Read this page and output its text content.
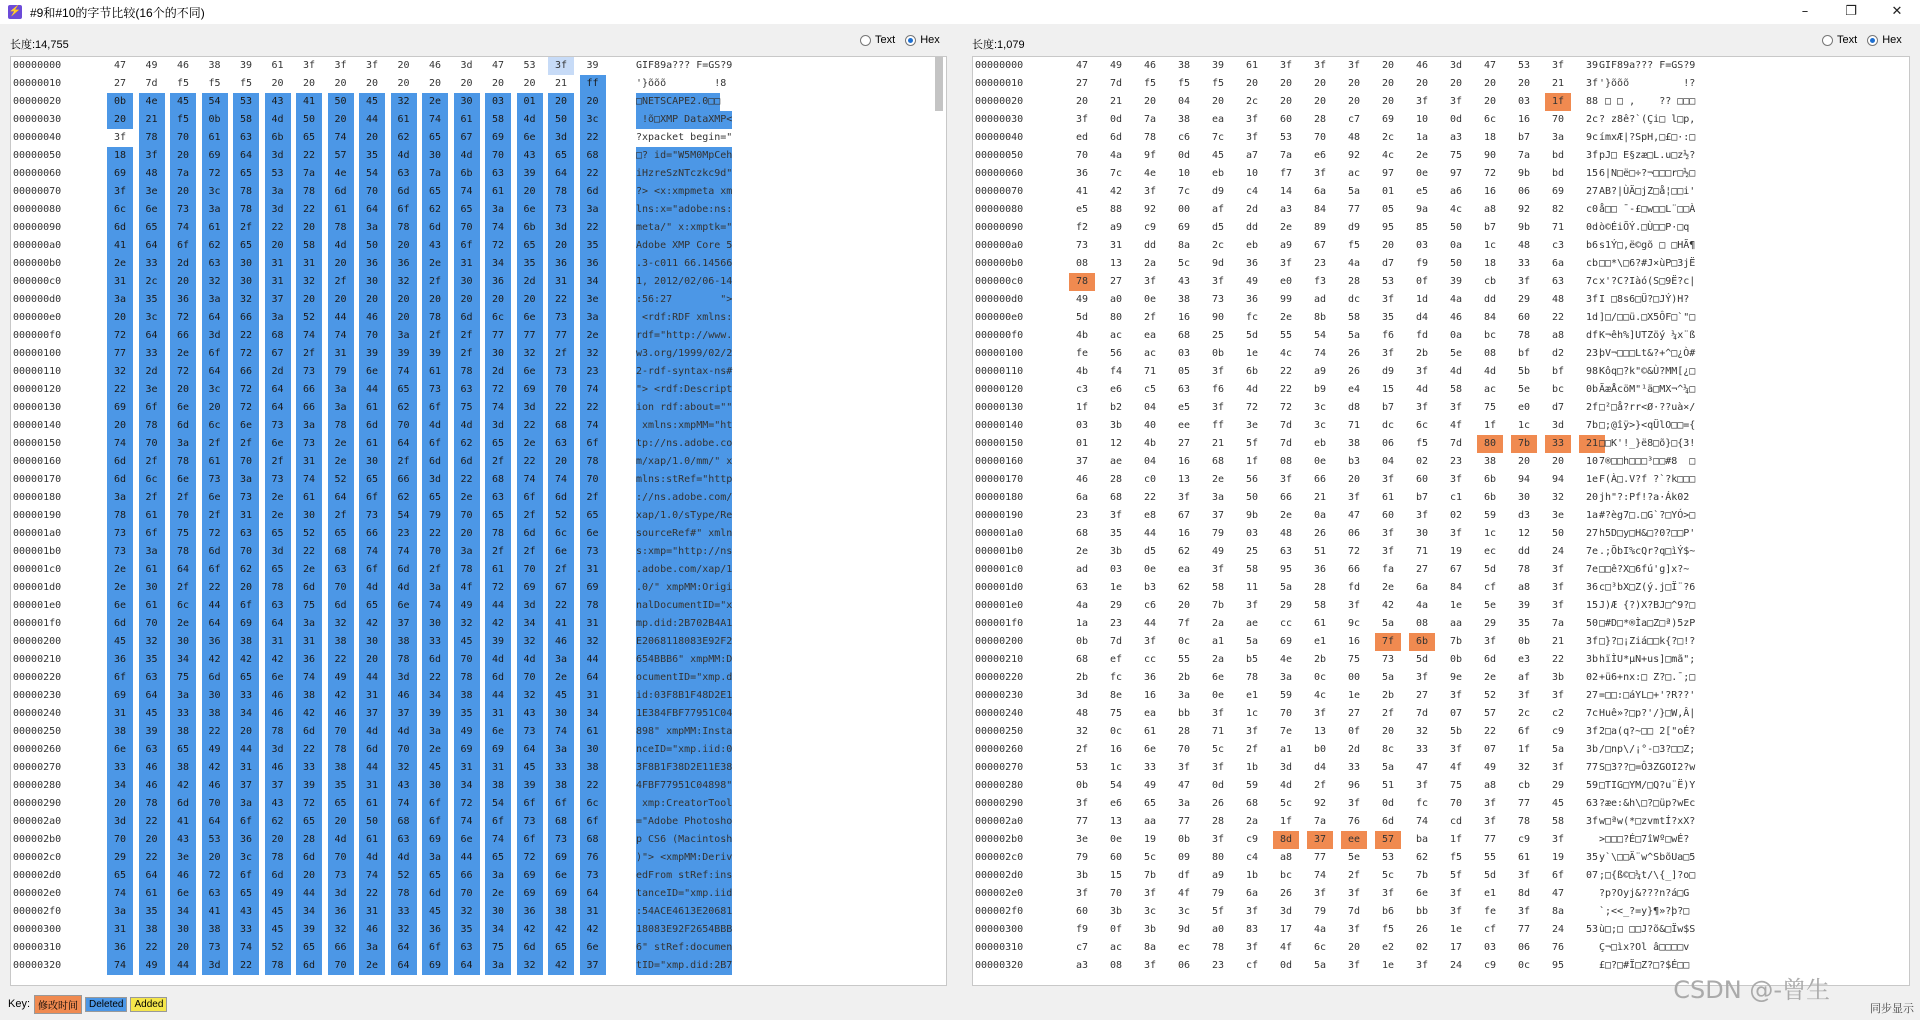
⚡ #9和#10的字节比较(16个的不同)	–	❐	✕
长度:14,755	Text Hex	长度:1,079	Text Hex
00000000	47	49	46	38	39	61	3f	3f	3f	20	46	3d	47	53	3f	39	GIF89a??? F=GS?9
00000010	27	7d	f5	f5	f5	20	20	20	20	20	20	20	20	20	21	ff	'}õõõ        !8
00000020	0b	4e	45	54	53	43	41	50	45	32	2e	30	03	01	20	20	□NETSCAPE2.0□□
00000030	20	21	f5	0b	58	4d	50	20	44	61	74	61	58	4d	50	3c	!õ□XMP DataXMP<
00000040	3f	78	70	61	63	6b	65	74	20	62	65	67	69	6e	3d	22	?xpacket begin="
00000050	18	3f	20	69	64	3d	22	57	35	4d	30	4d	70	43	65	68	□? id="W5M0MpCeh
00000060	69	48	7a	72	65	53	7a	4e	54	63	7a	6b	63	39	64	22	iHzreSzNTczkc9d"
00000070	3f	3e	20	3c	78	3a	78	6d	70	6d	65	74	61	20	78	6d	?> <x:xmpmeta xm
00000080	6c	6e	73	3a	78	3d	22	61	64	6f	62	65	3a	6e	73	3a	lns:x="adobe:ns:
00000090	6d	65	74	61	2f	22	20	78	3a	78	6d	70	74	6b	3d	22	meta/" x:xmptk="
000000a0	41	64	6f	62	65	20	58	4d	50	20	43	6f	72	65	20	35	Adobe XMP Core 5
000000b0	2e	33	2d	63	30	31	31	20	36	36	2e	31	34	35	36	36	.3-c011 66.14566
000000c0	31	2c	20	32	30	31	32	2f	30	32	2f	30	36	2d	31	34	1, 2012/02/06-14
000000d0	3a	35	36	3a	32	37	20	20	20	20	20	20	20	20	22	3e	:56:27        ">
000000e0	20	3c	72	64	66	3a	52	44	46	20	78	6d	6c	6e	73	3a	<rdf:RDF xmlns:
000000f0	72	64	66	3d	22	68	74	74	70	3a	2f	2f	77	77	77	2e	rdf="http://www.
00000100	77	33	2e	6f	72	67	2f	31	39	39	39	2f	30	32	2f	32	w3.org/1999/02/2
00000110	32	2d	72	64	66	2d	73	79	6e	74	61	78	2d	6e	73	23	2-rdf-syntax-ns#
00000120	22	3e	20	3c	72	64	66	3a	44	65	73	63	72	69	70	74	"> <rdf:Descript
00000130	69	6f	6e	20	72	64	66	3a	61	62	6f	75	74	3d	22	22	ion rdf:about=""
00000140	20	78	6d	6c	6e	73	3a	78	6d	70	4d	4d	3d	22	68	74	xmlns:xmpMM="ht
00000150	74	70	3a	2f	2f	6e	73	2e	61	64	6f	62	65	2e	63	6f	tp://ns.adobe.co
00000160	6d	2f	78	61	70	2f	31	2e	30	2f	6d	6d	2f	22	20	78	m/xap/1.0/mm/" x
00000170	6d	6c	6e	73	3a	73	74	52	65	66	3d	22	68	74	74	70	mlns:stRef="http
00000180	3a	2f	2f	6e	73	2e	61	64	6f	62	65	2e	63	6f	6d	2f	://ns.adobe.com/
00000190	78	61	70	2f	31	2e	30	2f	73	54	79	70	65	2f	52	65	xap/1.0/sType/Re
000001a0	73	6f	75	72	63	65	52	65	66	23	22	20	78	6d	6c	6e	sourceRef#" xmln
000001b0	73	3a	78	6d	70	3d	22	68	74	74	70	3a	2f	2f	6e	73	s:xmp="http://ns
000001c0	2e	61	64	6f	62	65	2e	63	6f	6d	2f	78	61	70	2f	31	.adobe.com/xap/1
000001d0	2e	30	2f	22	20	78	6d	70	4d	4d	3a	4f	72	69	67	69	.0/" xmpMM:Origi
000001e0	6e	61	6c	44	6f	63	75	6d	65	6e	74	49	44	3d	22	78	nalDocumentID="x
000001f0	6d	70	2e	64	69	64	3a	32	42	37	30	32	42	34	41	31	mp.did:2B702B4A1
00000200	45	32	30	36	38	31	31	38	30	38	33	45	39	32	46	32	E2068118083E92F2
00000210	36	35	34	42	42	42	36	22	20	78	6d	70	4d	4d	3a	44	654BBB6" xmpMM:D
00000220	6f	63	75	6d	65	6e	74	49	44	3d	22	78	6d	70	2e	64	ocumentID="xmp.d
00000230	69	64	3a	30	33	46	38	42	31	46	34	38	44	32	45	31	id:03F8B1F48D2E1
00000240	31	45	33	38	34	46	42	46	37	37	39	35	31	43	30	34	1E384FBF77951C04
00000250	38	39	38	22	20	78	6d	70	4d	4d	3a	49	6e	73	74	61	898" xmpMM:Insta
00000260	6e	63	65	49	44	3d	22	78	6d	70	2e	69	69	64	3a	30	nceID="xmp.iid:0
00000270	33	46	38	42	31	46	33	38	44	32	45	31	31	45	33	38	3F8B1F38D2E11E38
00000280	34	46	42	46	37	37	39	35	31	43	30	34	38	39	38	22	4FBF77951C04898"
00000290	20	78	6d	70	3a	43	72	65	61	74	6f	72	54	6f	6f	6c	xmp:CreatorTool
000002a0	3d	22	41	64	6f	62	65	20	50	68	6f	74	6f	73	68	6f	="Adobe Photosho
000002b0	70	20	43	53	36	20	28	4d	61	63	69	6e	74	6f	73	68	p CS6 (Macintosh
000002c0	29	22	3e	20	3c	78	6d	70	4d	4d	3a	44	65	72	69	76	)"> <xmpMM:Deriv
000002d0	65	64	46	72	6f	6d	20	73	74	52	65	66	3a	69	6e	73	edFrom stRef:ins
000002e0	74	61	6e	63	65	49	44	3d	22	78	6d	70	2e	69	69	64	tanceID="xmp.iid
000002f0	3a	35	34	41	43	45	34	36	31	33	45	32	30	36	38	31	:54ACE4613E20681
00000300	31	38	30	38	33	45	39	32	46	32	36	35	34	42	42	42	18083E92F2654BBB
00000310	36	22	20	73	74	52	65	66	3a	64	6f	63	75	6d	65	6e	6" stRef:documen
00000320	74	49	44	3d	22	78	6d	70	2e	64	69	64	3a	32	42	37	tID="xmp.did:2B7
00000000	47	49	46	38	39	61	3f	3f	3f	20	46	3d	47	53	3f	39 GIF89a??? F=GS?9
00000010	27	7d	f5	f5	f5	20	20	20	20	20	20	20	20	20	21	3f '}õõõ         !?
00000020	20	21	20	04	20	2c	20	20	20	20	3f	3f	20	03	1f	88 □ □ ,    ?? □□□
00000030	3f	0d	7a	38	ea	3f	60	28	c7	69	10	0d	6c	16	70	2c ? z8ê?`(Çi□ l□p,
00000040	ed	6d	78	c6	7c	3f	53	70	48	2c	1a	a3	18	b7	3a	9c ímxÆ|?SpH,□£□·:□
00000050	70	4a	9f	0d	45	a7	7a	e6	92	4c	2e	75	90	7a	bd	3f pJ□ E§zæ□L.u□z½?
00000060	36	7c	4e	10	eb	10	f7	3f	ac	97	0e	97	72	9b	bd	15 6|N□ë□÷?¬□□□r□½□
00000070	41	42	3f	7c	d9	c4	14	6a	5a	01	e5	a6	16	06	69	27 AB?|ÙÄ□jZ□å¦□□i'
00000080	e5	88	92	00	af	2d	a3	84	77	05	9a	4c	a8	92	82	c0 å□□ ¯-£□w□□L¨□□À
00000090	f2	a9	c9	69	d5	dd	2e	89	d9	95	85	50	b7	9b	71	0d ò©ÉiÕÝ.□Ù□□P·□q
000000a0	73	31	dd	8a	2c	eb	a9	67	f5	20	03	0a	1c	48	c3	b6 s1Ý□,ë©gõ □ □HÃ¶
000000b0	08	13	2a	5c	9d	36	3f	23	4a	d7	f9	50	18	33	6a	cb □□*\□6?#J×ùP□3jË
000000c0	78	27	3f	43	3f	49	e0	f3	28	53	0f	39	cb	3f	63	7c x'?C?Iàó(S□9Ë?c|
000000d0	49	a0	0e	38	73	36	99	ad	dc	3f	1d	4a	dd	29	48	3f I □8s6□Ü?□JÝ)H?
000000e0	5d	80	2f	16	90	fc	2e	8b	58	35	d4	46	84	60	22	1d ]□/□□ü.□X5ÔF□`"□
000000f0	4b	ac	ea	68	25	5d	55	54	5a	f6	fd	0a	bc	78	a8	df K¬êh%]UTZöý ¼x¨ß
00000100	fe	56	ac	03	0b	1e	4c	74	26	3f	2b	5e	08	bf	d2	23 þV¬□□□Lt&?+^□¿Ò#
00000110	4b	f4	71	05	3f	6b	22	a9	26	d9	3f	4d	4d	5b	bf	98 Kôq□?k"©&Ù?MM[¿□
00000120	c3	e6	c5	63	f6	4d	22	b9	e4	15	4d	58	ac	5e	bc	0b ÃæÅcöM"¹ä□MX¬^¼□
00000130	1f	b2	04	e5	3f	72	72	3c	d8	b7	3f	3f	75	e0	d7	2f □²□å?rr<Ø·??uà×/
00000140	03	3b	40	ee	ff	3e	7d	3c	71	dc	6c	4f	1f	1c	3d	7b □;@îÿ>}<qÜlO□□={
00000150	01	12	4b	27	21	5f	7d	eb	38	06	f5	7d	80	7b	33	21 □□K'!_}ë8□õ}□{3!
00000160	37	ae	04	16	68	1f	08	0e	b3	04	02	23	38	20	20	10 7®□□h□□□³□□#8  □
00000170	46	28	c0	13	2e	56	3f	66	20	3f	60	3f	6b	94	94	1e F(À□.V?f ?`?k□□□
00000180	6a	68	22	3f	3a	50	66	21	3f	61	b7	c1	6b	30	32	20 jh"?:Pf!?a·Ák02
00000190	23	3f	e8	67	37	9b	2e	0a	47	60	3f	02	59	d3	3e	1a #?èg7□.□G`?□YÓ>□
000001a0	68	35	44	16	79	03	48	26	06	3f	30	3f	1c	12	50	27 h5D□y□H&□?0?□□P'
000001b0	2e	3b	d5	62	49	25	63	51	72	3f	71	19	ec	dd	24	7e .;ÕbI%cQr?q□ìÝ$~
000001c0	ad	03	0e	ea	3f	58	95	36	66	fa	27	67	5d	78	3f	7e □□ê?X□6fú'g]x?~
000001d0	63	1e	b3	62	58	11	5a	28	fd	2e	6a	84	cf	a8	3f	36 c□³bX□Z(ý.j□Ï¨?6
000001e0	4a	29	c6	20	7b	3f	29	58	3f	42	4a	1e	5e	39	3f	15 J)Æ {?)X?BJ□^9?□
000001f0	1a	23	44	7f	2a	ae	cc	61	9c	5a	08	aa	29	35	7a	50 □#D□*®Ìa□Z□ª)5zP
00000200	0b	7d	3f	0c	a1	5a	69	e1	16	7f	6b	7b	3f	0b	21	3f □}?□¡Ziá□□k{?□!?
00000210	68	ef	cc	55	2a	b5	4e	2b	75	73	5d	0b	6d	e3	22	3b hïÌU*µN+us]□mã";
00000220	2b	fc	36	2b	6e	78	3a	0c	00	5a	3f	9e	2e	af	3b	02 +ü6+nx:□ Z?□.¯;□
00000230	3d	8e	16	3a	0e	e1	59	4c	1e	2b	27	3f	52	3f	3f	27 =□□:□áYL□+'?R??'
00000240	48	75	ea	bb	3f	1c	70	3f	27	2f	7d	07	57	2c	c2	7c Huê»?□p?'/}□W,Â|
00000250	32	0c	61	28	71	3f	7e	13	0f	20	32	5b	22	6f	c9	3f 2□a(q?~□□ 2["oÉ?
00000260	2f	16	6e	70	5c	2f	a1	b0	2d	8c	33	3f	07	1f	5a	3b /□np\/¡°-□3?□□Z;
00000270	53	1c	33	3f	3f	1b	3d	d4	33	5a	47	4f	49	32	3f	77 S□3??□=Ô3ZGOI2?w
00000280	0b	54	49	47	0d	59	4d	2f	96	51	3f	75	a8	cb	29	59 □TIG□YM/□Q?u¨Ë)Y
00000290	3f	e6	65	3a	26	68	5c	92	3f	0d	fc	70	3f	77	45	63 ?æe:&h\□?□üp?wEc
000002a0	77	13	aa	77	28	2a	1f	7a	76	6d	74	cd	3f	78	58	3f w□ªw(*□zvmtÍ?xX?
000002b0	3e	0e	19	0b	3f	c9	8d	37	ee	57	ba	1f	77	c9	3f	>□□□?É□7îWº□wÉ?
000002c0	79	60	5c	09	80	c4	a8	77	5e	53	62	f5	55	61	19	35 y`\□□Ä¨w^SbõUa□5
000002d0	3b	15	7b	df	a9	1b	bc	74	2f	5c	7b	5f	5d	3f	6f	07 ;□{ß©□¼t/\{_]?o□
000002e0	3f	70	3f	4f	79	6a	26	3f	3f	3f	6e	3f	e1	8d	47	?p?Oyj&???n?á□G
000002f0	60	3b	3c	3c	5f	3f	3d	79	7d	b6	bb	3f	fe	3f	8a	`;<<_?=y}¶»?þ?□
00000300	f9	0f	3b	9d	a0	83	17	4a	3f	f5	26	1e	cf	77	24	53 ù□;□ □□J?õ&□Ïw$S
00000310	c7	ac	8a	ec	78	3f	4f	6c	20	e2	02	17	03	06	76	Ç¬□ìx?Ol â□□□□v
00000320	a3	08	3f	06	23	cf	0d	5a	3f	1e	3f	24	c9	0c	95	£□?□#Ï□Z?□?$É□□
Key: 修改时间	Deleted	Added	CSDN @-曾生
同步显示
